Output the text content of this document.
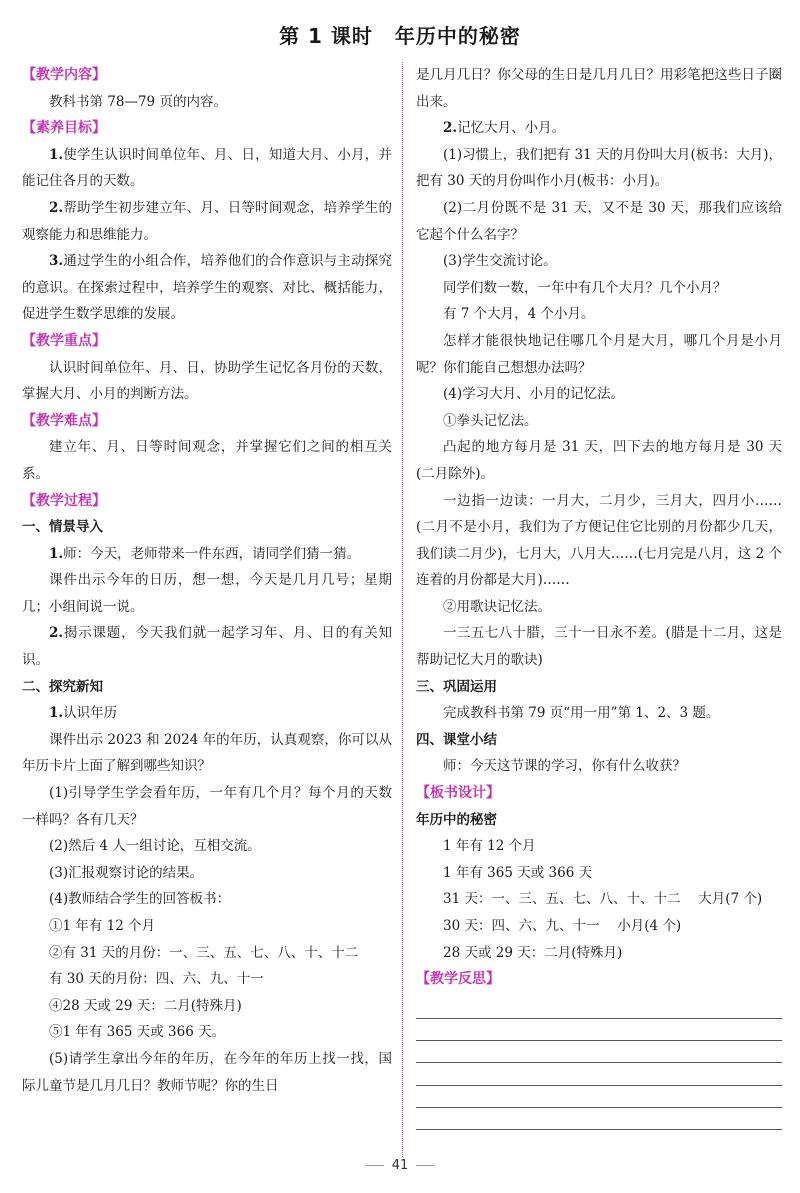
第 1 课时 年历中的秘密

【教学内容】

教科书第 78—79 页的内容。

【素养目标】

1.使学生认识时间单位年、月、日，知道大月、小月，并能记住各月的天数。

2.帮助学生初步建立年、月、日等时间观念，培养学生的观察能力和思维能力。

3.通过学生的小组合作，培养他们的合作意识与主动探究的意识。在探索过程中，培养学生的观察、对比、概括能力，促进学生数学思维的发展。

【教学重点】

认识时间单位年、月、日，协助学生记忆各月份的天数，掌握大月、小月的判断方法。

【教学难点】

建立年、月、日等时间观念，并掌握它们之间的相互关系。

【教学过程】

一、情景导入

1.师：今天，老师带来一件东西，请同学们猜一猜。

课件出示今年的日历，想一想，今天是几月几号；星期几；小组间说一说。

2.揭示课题，今天我们就一起学习年、月、日的有关知识。

二、探究新知

1.认识年历

课件出示 2023 和 2024 年的年历，认真观察，你可以从年历卡片上面了解到哪些知识？

(1)引导学生学会看年历，一年有几个月？每个月的天数一样吗？各有几天？

(2)然后 4 人一组讨论，互相交流。

(3)汇报观察讨论的结果。

(4)教师结合学生的回答板书：

①1 年有 12 个月

②有 31 天的月份：一、三、五、七、八、十、十二

有 30 天的月份：四、六、九、十一

④28 天或 29 天：二月(特殊月)

⑤1 年有 365 天或 366 天。

(5)请学生拿出今年的年历，在今年的年历上找一找，国际儿童节是几月几日？教师节呢？你的生日

是几月几日？你父母的生日是几月几日？用彩笔把这些日子圈出来。

2.记忆大月、小月。

(1)习惯上，我们把有 31 天的月份叫大月(板书：大月)，把有 30 天的月份叫作小月(板书：小月)。

(2)二月份既不是 31 天，又不是 30 天，那我们应该给它起个什么名字？

(3)学生交流讨论。

同学们数一数，一年中有几个大月？几个小月？

有 7 个大月，4 个小月。

怎样才能很快地记住哪几个月是大月，哪几个月是小月呢？你们能自己想想办法吗？

(4)学习大月、小月的记忆法。

①拳头记忆法。

凸起的地方每月是 31 天，凹下去的地方每月是 30 天(二月除外)。

一边指一边读：一月大，二月少，三月大，四月小……(二月不是小月，我们为了方便记住它比别的月份都少几天，我们读二月少)，七月大，八月大……(七月完是八月，这 2 个连着的月份都是大月)……

②用歌诀记忆法。

一三五七八十腊，三十一日永不差。(腊是十二月，这是帮助记忆大月的歌诀)

三、巩固运用

完成教科书第 79 页“用一用”第 1、2、3 题。

四、课堂小结

师：今天这节课的学习，你有什么收获？

【板书设计】

年历中的秘密

1 年有 12 个月

1 年有 365 天或 366 天

31 天：一、三、五、七、八、十、十二　 大月(7 个)

30 天：四、六、九、十一　 小月(4 个)

28 天或 29 天：二月(特殊月)

【教学反思】

41
